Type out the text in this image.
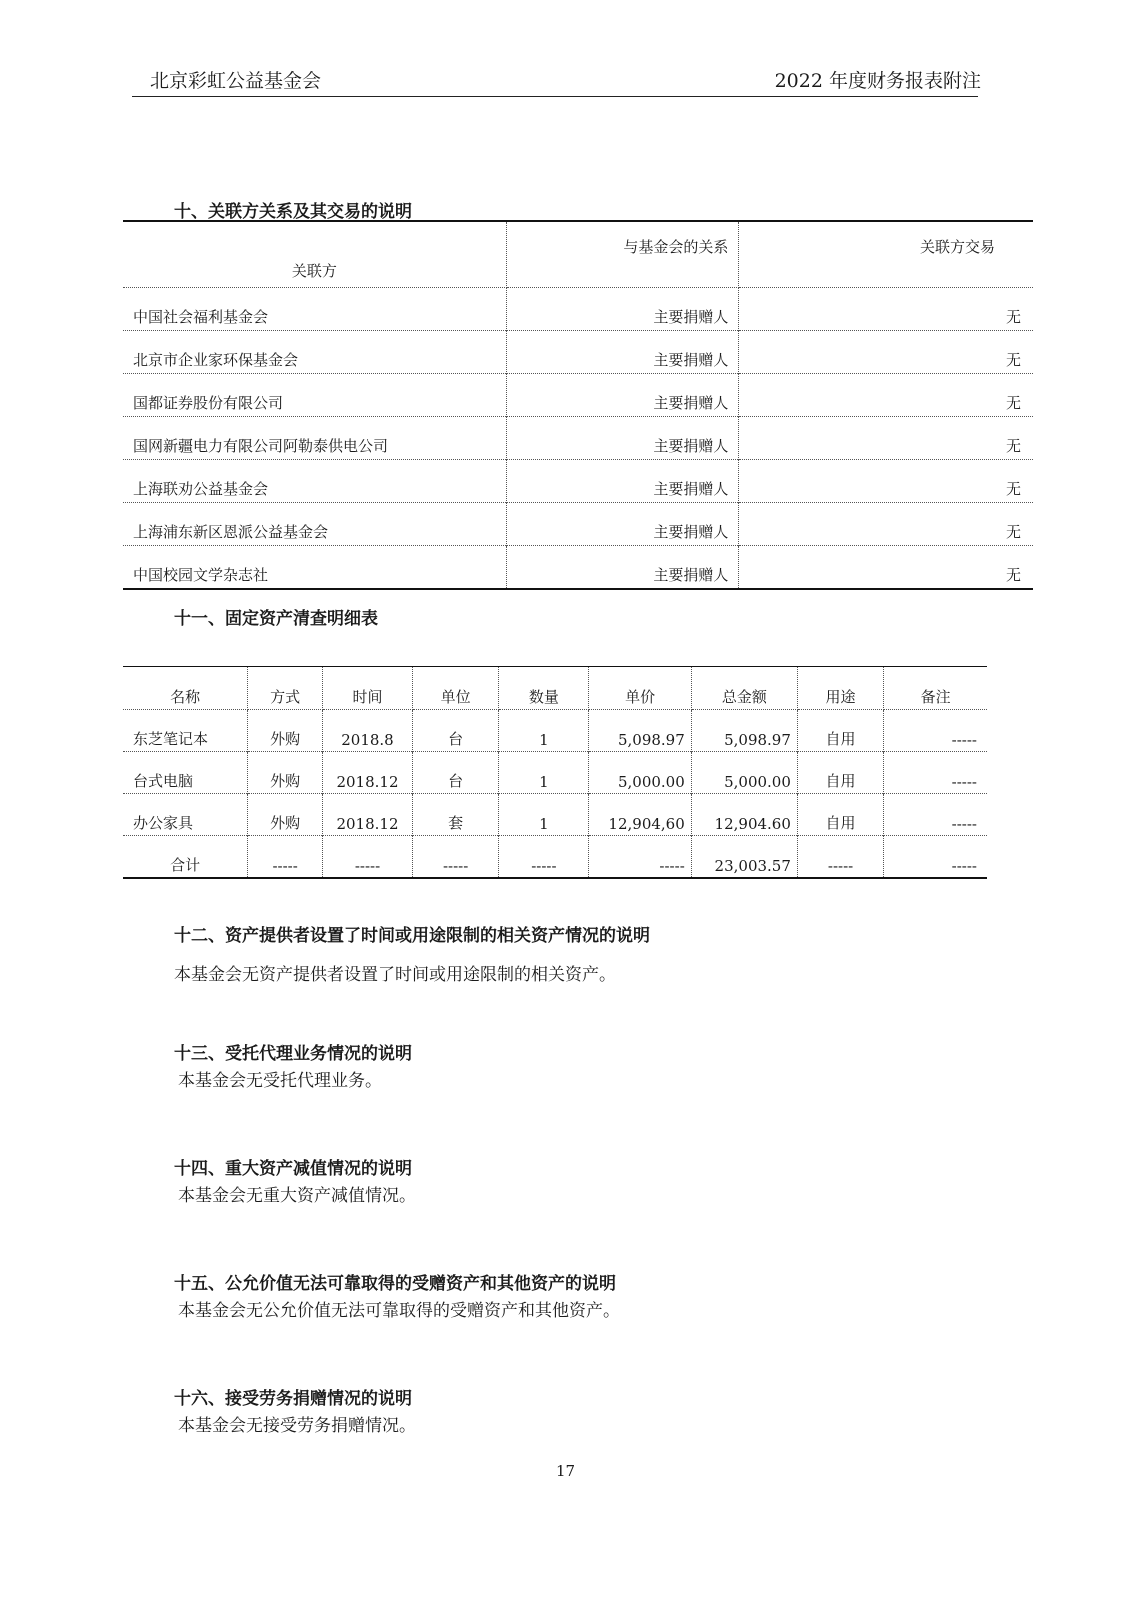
北京彩虹公益基金会	2022 年度财务报表附注
十、关联方关系及其交易的说明
关联方	与基金会的关系	关联方交易
中国社会福利基金会	主要捐赠人	无
北京市企业家环保基金会	主要捐赠人	无
国都证券股份有限公司	主要捐赠人	无
国网新疆电力有限公司阿勒泰供电公司	主要捐赠人	无
上海联劝公益基金会	主要捐赠人	无
上海浦东新区恩派公益基金会	主要捐赠人	无
中国校园文学杂志社	主要捐赠人	无
十一、固定资产清查明细表
名称	方式	时间	单位	数量	单价	总金额	用途	备注
东芝笔记本	外购	2018.8	台	1	5,098.97	5,098.97	自用	-----
台式电脑	外购	2018.12	台	1	5,000.00	5,000.00	自用	-----
办公家具	外购	2018.12	套	1	12,904,60	12,904.60	自用	-----
合计	-----	-----	-----	-----	-----	23,003.57	-----	-----
十二、资产提供者设置了时间或用途限制的相关资产情况的说明
本基金会无资产提供者设置了时间或用途限制的相关资产。
十三、受托代理业务情况的说明
本基金会无受托代理业务。
十四、重大资产减值情况的说明
本基金会无重大资产减值情况。
十五、公允价值无法可靠取得的受赠资产和其他资产的说明
本基金会无公允价值无法可靠取得的受赠资产和其他资产。
十六、接受劳务捐赠情况的说明
本基金会无接受劳务捐赠情况。
17
